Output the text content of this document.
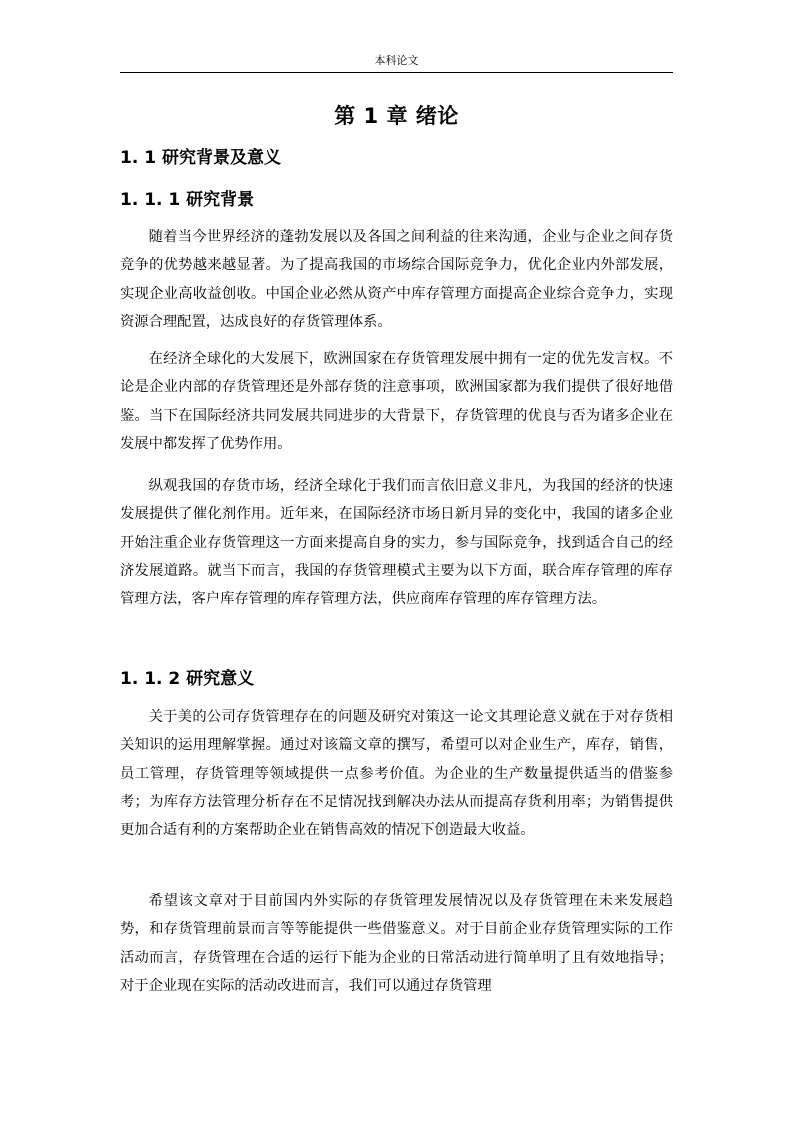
本科论文
第 1 章 绪论
1. 1 研究背景及意义
1. 1. 1 研究背景

随着当今世界经济的蓬勃发展以及各国之间利益的往来沟通，企业与企业之间存货竞争的优势越来越显著。为了提高我国的市场综合国际竞争力，优化企业内外部发展，实现企业高收益创收。中国企业必然从资产中库存管理方面提高企业综合竞争力，实现资源合理配置，达成良好的存货管理体系。

在经济全球化的大发展下，欧洲国家在存货管理发展中拥有一定的优先发言权。不论是企业内部的存货管理还是外部存货的注意事项，欧洲国家都为我们提供了很好地借鉴。当下在国际经济共同发展共同进步的大背景下，存货管理的优良与否为诸多企业在发展中都发挥了优势作用。

纵观我国的存货市场，经济全球化于我们而言依旧意义非凡，为我国的经济的快速发展提供了催化剂作用。近年来，在国际经济市场日新月异的变化中，我国的诸多企业开始注重企业存货管理这一方面来提高自身的实力，参与国际竞争，找到适合自己的经济发展道路。就当下而言，我国的存货管理模式主要为以下方面，联合库存管理的库存管理方法，客户库存管理的库存管理方法，供应商库存管理的库存管理方法。

1. 1. 2 研究意义

关于美的公司存货管理存在的问题及研究对策这一论文其理论意义就在于对存货相关知识的运用理解掌握。通过对该篇文章的撰写，希望可以对企业生产，库存，销售，员工管理，存货管理等领域提供一点参考价值。为企业的生产数量提供适当的借鉴参考；为库存方法管理分析存在不足情况找到解决办法从而提高存货利用率；为销售提供更加合适有利的方案帮助企业在销售高效的情况下创造最大收益。

希望该文章对于目前国内外实际的存货管理发展情况以及存货管理在未来发展趋势，和存货管理前景而言等等能提供一些借鉴意义。对于目前企业存货管理实际的工作活动而言，存货管理在合适的运行下能为企业的日常活动进行简单明了且有效地指导；对于企业现在实际的活动改进而言，我们可以通过存货管理
